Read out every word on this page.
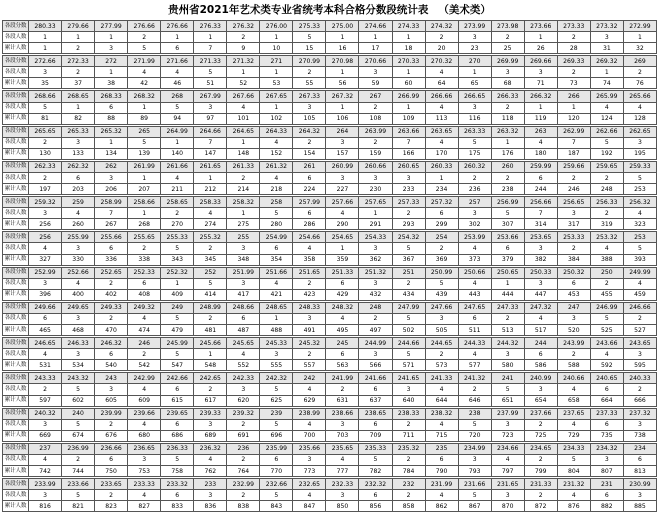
贵州省2021年艺术类专业省统考本科合格分数段统计表 （美术类）
各段分数	280.33	279.66	277.99	276.66	276.66	276.33	276.32	276.00	275.33	275.00	274.66	274.33	274.32	273.99	273.98	273.66	273.33	273.32	272.99
各段人数	1	1	1	2	1	1	2	1	5	1	1	1	2	3	2	1	2	3	1
累计人数	1	2	3	5	6	7	9	10	15	16	17	18	20	23	25	26	28	31	32

各段分数	272.66	272.33	272	271.99	271.66	271.33	271.32	271	270.99	270.98	270.66	270.33	270.32	270	269.99	269.66	269.33	269.32	269
各段人数	3	2	1	4	4	5	1	1	2	1	3	1	4	1	3	3	2	1	2
累计人数	35	37	38	42	46	51	52	53	55	56	59	60	64	65	68	71	73	74	76

各段分数	268.66	268.65	268.33	268.32	268	267.99	267.66	267.65	267.33	267.32	267	266.99	266.66	266.65	266.33	266.32	266	265.99	265.66
各段人数	5	1	6	1	5	3	4	1	3	1	2	1	4	3	2	1	1	4	4
累计人数	81	82	88	89	94	97	101	102	105	106	108	109	113	116	118	119	120	124	128

各段分数	265.65	265.33	265.32	265	264.99	264.66	264.65	264.33	264.32	264	263.99	263.66	263.65	263.33	263.32	263	262.99	262.66	262.65
各段人数	2	3	1	5	1	7	1	4	2	3	2	7	4	5	1	4	7	5	3
累计人数	130	133	134	139	140	147	148	152	154	157	159	166	170	175	176	180	187	192	195

各段分数	262.33	262.32	262	261.99	261.66	261.65	261.33	261.32	261	260.99	260.66	260.65	260.33	260.32	260	259.99	259.66	259.65	259.33
各段人数	2	6	3	1	4	1	2	4	6	3	3	3	1	2	2	6	2	2	5
累计人数	197	203	206	207	211	212	214	218	224	227	230	233	234	236	238	244	246	248	253

各段分数	259.32	259	258.99	258.66	258.65	258.33	258.32	258	257.99	257.66	257.65	257.33	257.32	257	256.99	256.66	256.65	256.33	256.32
各段人数	3	4	7	1	2	4	1	5	6	4	1	2	6	3	5	7	3	2	4
累计人数	256	260	267	268	270	274	275	280	286	290	291	293	299	302	307	314	317	319	323

各段分数	256	255.99	255.66	255.65	255.33	255.32	255	254.99	254.66	254.65	254.33	254.32	254	253.99	253.66	253.65	253.33	253.32	253
各段人数	4	3	6	2	5	2	3	6	4	1	3	5	2	4	6	3	2	4	5
累计人数	327	330	336	338	343	345	348	354	358	359	362	367	369	373	379	382	384	388	393

各段分数	252.99	252.66	252.65	252.33	252.32	252	251.99	251.66	251.65	251.33	251.32	251	250.99	250.66	250.65	250.33	250.32	250	249.99
各段人数	3	4	2	6	1	5	3	4	2	6	3	2	5	4	1	3	6	2	4
累计人数	396	400	402	408	409	414	417	421	423	429	432	434	439	443	444	447	453	455	459

各段分数	249.66	249.65	249.33	249.32	249	248.99	248.66	248.65	248.33	248.32	248	247.99	247.66	247.65	247.33	247.32	247	246.99	246.66
各段人数	6	3	2	4	5	2	6	1	3	4	2	5	3	6	2	4	3	5	2
累计人数	465	468	470	474	479	481	487	488	491	495	497	502	505	511	513	517	520	525	527

各段分数	246.65	246.33	246.32	246	245.99	245.66	245.65	245.33	245.32	245	244.99	244.66	244.65	244.33	244.32	244	243.99	243.66	243.65
各段人数	4	3	6	2	5	1	4	3	2	6	3	5	2	4	3	6	2	4	3
累计人数	531	534	540	542	547	548	552	555	557	563	566	571	573	577	580	586	588	592	595

各段分数	243.33	243.32	243	242.99	242.66	242.65	242.33	242.32	242	241.99	241.66	241.65	241.33	241.32	241	240.99	240.66	240.65	240.33
各段人数	2	5	3	4	6	2	3	5	4	2	6	3	4	2	5	3	4	6	2
累计人数	597	602	605	609	615	617	620	625	629	631	637	640	644	646	651	654	658	664	666

各段分数	240.32	240	239.99	239.66	239.65	239.33	239.32	239	238.99	238.66	238.65	238.33	238.32	238	237.99	237.66	237.65	237.33	237.32
各段人数	3	5	2	4	6	3	2	5	4	3	6	2	4	5	3	2	4	6	3
累计人数	669	674	676	680	686	689	691	696	700	703	709	711	715	720	723	725	729	735	738

各段分数	237	236.99	236.66	236.65	236.33	236.32	236	235.99	235.66	235.65	235.33	235.32	235	234.99	234.66	234.65	234.33	234.32	234
各段人数	4	2	6	3	5	4	2	6	3	4	5	2	6	3	4	2	5	3	6
累计人数	742	744	750	753	758	762	764	770	773	777	782	784	790	793	797	799	804	807	813

各段分数	233.99	233.66	233.65	233.33	233.32	233	232.99	232.66	232.65	232.33	232.32	232	231.99	231.66	231.65	231.33	231.32	231	230.99
各段人数	3	5	2	4	6	3	2	5	4	3	6	2	4	5	3	2	4	6	3
累计人数	816	821	823	827	833	836	838	843	847	850	856	858	862	867	870	872	876	882	885
